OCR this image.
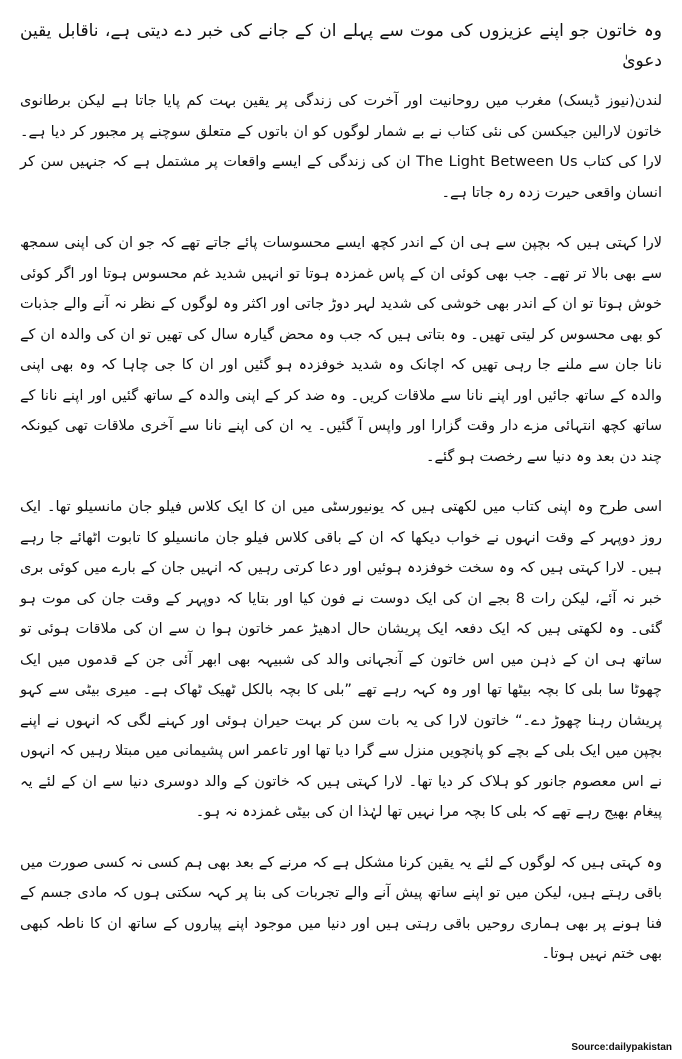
وہ خاتون جو اپنے عزیزوں کی موت سے پہلے ان کے جانے کی خبر دے دیتی ہے، ناقابل یقین دعویٰ

لندن(نیوز ڈیسک) مغرب میں روحانیت اور آخرت کی زندگی پر یقین بہت کم پایا جاتا ہے لیکن برطانوی خاتون لارالین جیکسن کی نئی کتاب نے بے شمار لوگوں کو ان باتوں کے متعلق سوچنے پر مجبور کر دیا ہے۔ لارا کی کتاب The Light Between Us ان کی زندگی کے ایسے واقعات پر مشتمل ہے کہ جنہیں سن کر انسان واقعی حیرت زدہ رہ جاتا ہے۔

لارا کہتی ہیں کہ بچپن سے ہی ان کے اندر کچھ ایسے محسوسات پائے جاتے تھے کہ جو ان کی اپنی سمجھ سے بھی بالا تر تھے۔ جب بھی کوئی ان کے پاس غمزدہ ہوتا تو انہیں شدید غم محسوس ہوتا اور اگر کوئی خوش ہوتا تو ان کے اندر بھی خوشی کی شدید لہر دوڑ جاتی اور اکثر وہ لوگوں کے نظر نہ آنے والے جذبات کو بھی محسوس کر لیتی تھیں۔ وہ بتاتی ہیں کہ جب وہ محض گیارہ سال کی تھیں تو ان کی والدہ ان کے نانا جان سے ملنے جا رہی تھیں کہ اچانک وہ شدید خوفزدہ ہو گئیں اور ان کا جی چاہا کہ وہ بھی اپنی والدہ کے ساتھ جائیں اور اپنے نانا سے ملاقات کریں۔ وہ ضد کر کے اپنی والدہ کے ساتھ گئیں اور اپنے نانا کے ساتھ کچھ انتہائی مزے دار وقت گزارا اور واپس آ گئیں۔ یہ ان کی اپنے نانا سے آخری ملاقات تھی کیونکہ چند دن بعد وہ دنیا سے رخصت ہو گئے۔

اسی طرح وہ اپنی کتاب میں لکھتی ہیں کہ یونیورسٹی میں ان کا ایک کلاس فیلو جان مانسیلو تھا۔ ایک روز دوپہر کے وقت انہوں نے خواب دیکھا کہ ان کے باقی کلاس فیلو جان مانسیلو کا تابوت اٹھائے جا رہے ہیں۔ لارا کہتی ہیں کہ وہ سخت خوفزدہ ہوئیں اور دعا کرتی رہیں کہ انہیں جان کے بارے میں کوئی بری خبر نہ آئے، لیکن رات 8 بجے ان کی ایک دوست نے فون کیا اور بتایا کہ دوپہر کے وقت جان کی موت ہو گئی۔ وہ لکھتی ہیں کہ ایک دفعہ ایک پریشان حال ادھیڑ عمر خاتون ہوا ن سے ان کی ملاقات ہوئی تو ساتھ ہی ان کے ذہن میں اس خاتون کے آنجہانی والد کی شبیہہ بھی ابھر آئی جن کے قدموں میں ایک چھوٹا سا بلی کا بچہ بیٹھا تھا اور وہ کہہ رہے تھے ”بلی کا بچہ بالکل ٹھیک ٹھاک ہے۔ میری بیٹی سے کہو پریشان رہنا چھوڑ دے۔“ خاتون لارا کی یہ بات سن کر بہت حیران ہوئی اور کہنے لگی کہ انہوں نے اپنے بچپن میں ایک بلی کے بچے کو پانچویں منزل سے گرا دیا تھا اور تاعمر اس پشیمانی میں مبتلا رہیں کہ انہوں نے اس معصوم جانور کو ہلاک کر دیا تھا۔ لارا کہتی ہیں کہ خاتون کے والد دوسری دنیا سے ان کے لئے یہ پیغام بھیج رہے تھے کہ بلی کا بچہ مرا نہیں تھا لہٰذا ان کی بیٹی غمزدہ نہ ہو۔

وہ کہتی ہیں کہ لوگوں کے لئے یہ یقین کرنا مشکل ہے کہ مرنے کے بعد بھی ہم کسی نہ کسی صورت میں باقی رہتے ہیں، لیکن میں تو اپنے ساتھ پیش آنے والے تجربات کی بنا پر کہہ سکتی ہوں کہ مادی جسم کے فنا ہونے پر بھی ہماری روحیں باقی رہتی ہیں اور دنیا میں موجود اپنے پیاروں کے ساتھ ان کا ناطہ کبھی بھی ختم نہیں ہوتا۔

Source:dailypakistan
